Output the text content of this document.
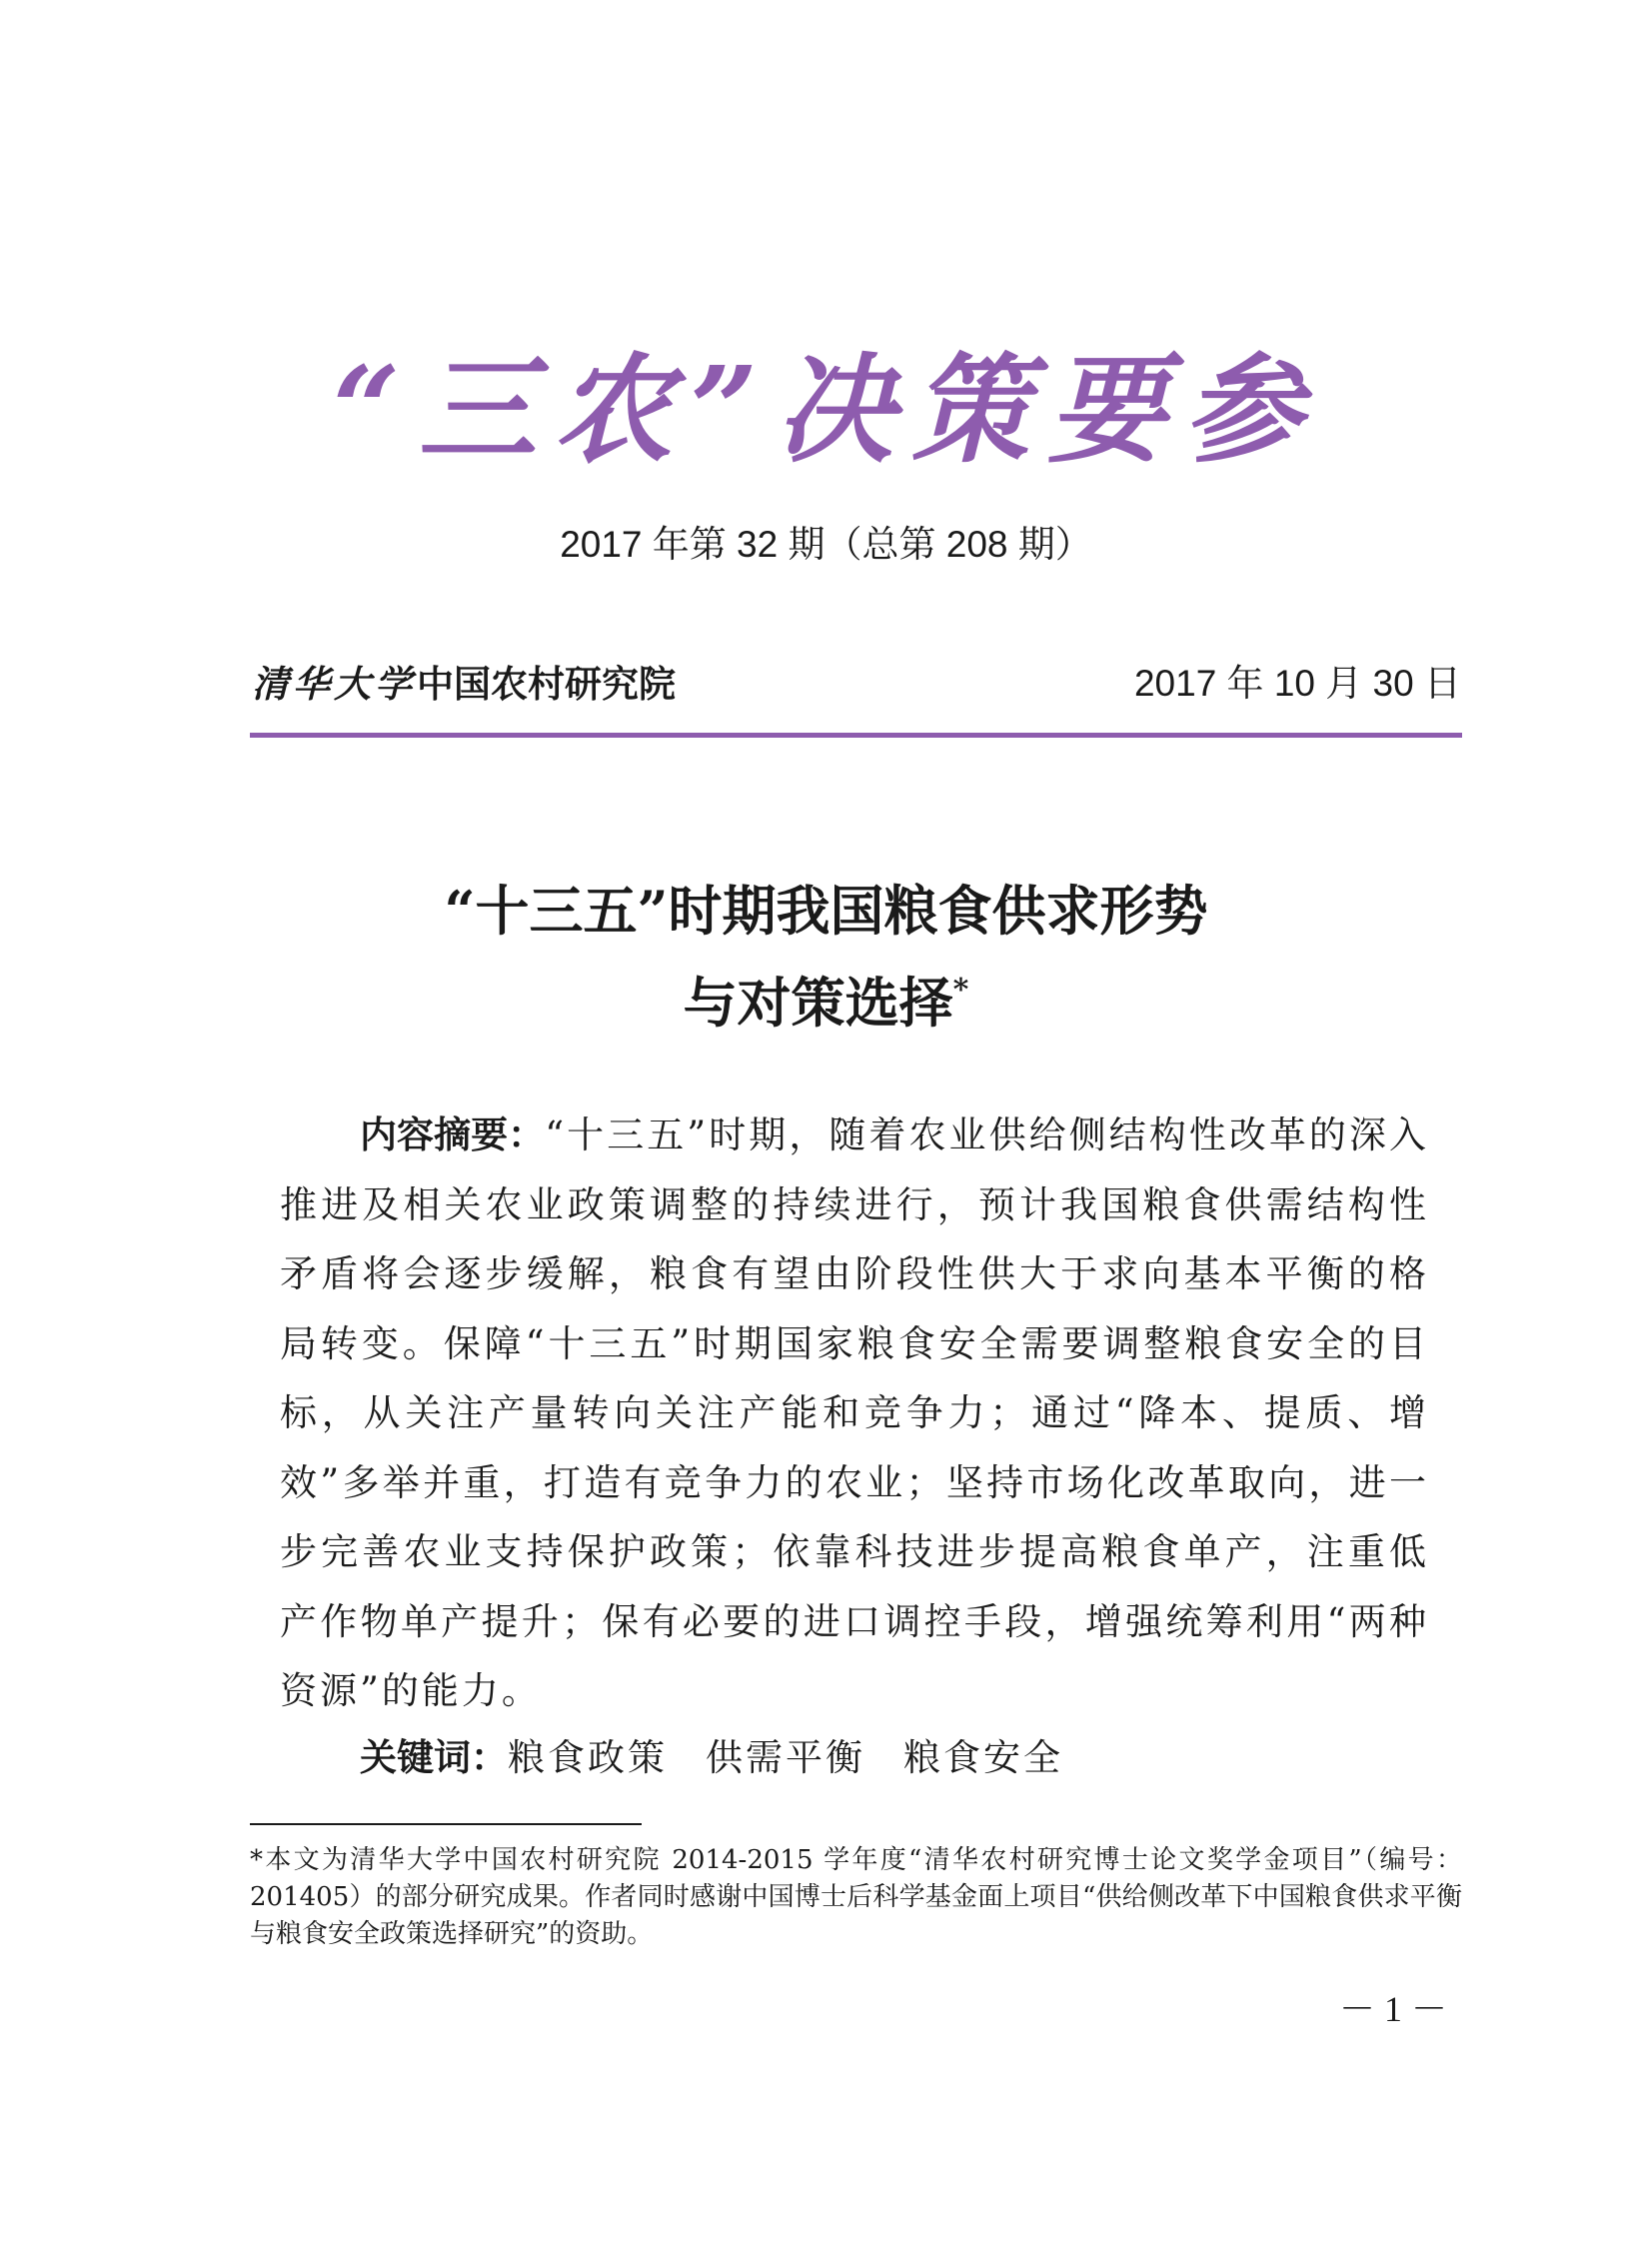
“三农”决策要参
2017 年第 32 期（总第 208 期）
清华大学 中国农村研究院	2017 年 10 月 30 日
“十三五”时期我国粮食供求形势
与对策选择*
内容摘要：“十三五”时期，随着农业供给侧结构性改革的深入推进及相关农业政策调整的持续进行，预计我国粮食供需结构性矛盾将会逐步缓解，粮食有望由阶段性供大于求向基本平衡的格局转变。保障“十三五”时期国家粮食安全需要调整粮食安全的目标，从关注产量转向关注产能和竞争力；通过“降本、提质、增效”多举并重，打造有竞争力的农业；坚持市场化改革取向，进一步完善农业支持保护政策；依靠科技进步提高粮食单产，注重低产作物单产提升；保有必要的进口调控手段，增强统筹利用“两种资源”的能力。
关键词：粮食政策 供需平衡 粮食安全
*本文为清华大学中国农村研究院 2014-2015 学年度“清华农村研究博士论文奖学金项目”（编号：201405）的部分研究成果。作者同时感谢中国博士后科学基金面上项目“供给侧改革下中国粮食供求平衡与粮食安全政策选择研究”的资助。
－ 1 －
